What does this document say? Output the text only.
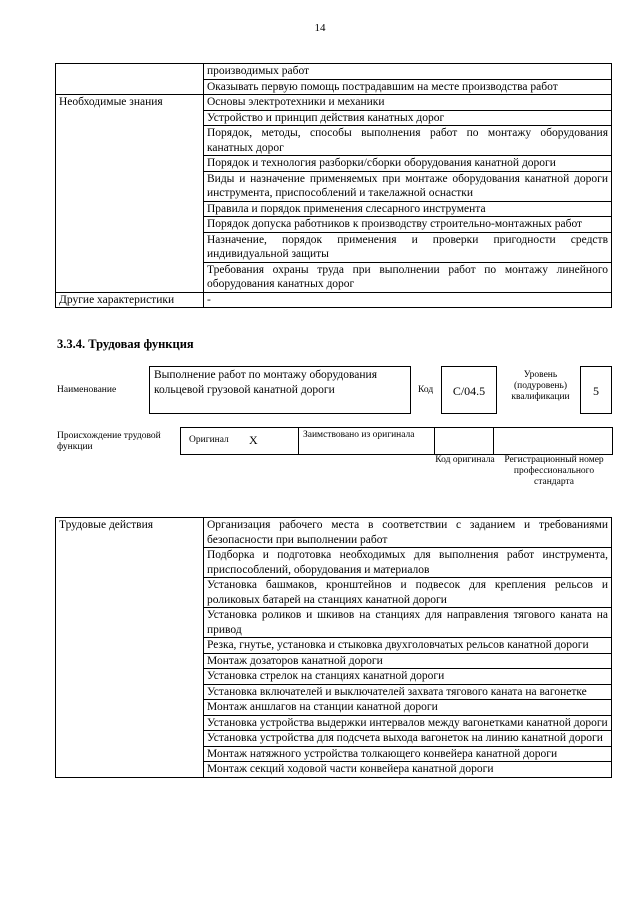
14
	производимых работ
	Оказывать первую помощь пострадавшим на месте производства работ
Необходимые знания	Основы электротехники и механики
	Устройство и принцип действия канатных дорог
	Порядок, методы, способы выполнения работ по монтажу оборудования канатных дорог
	Порядок и технология разборки/сборки оборудования канатной дороги
	Виды и назначение применяемых при монтаже оборудования канатной дороги инструмента, приспособлений и такелажной оснастки
	Правила и порядок применения слесарного инструмента
	Порядок допуска работников к производству строительно-монтажных работ
	Назначение, порядок применения и проверки пригодности средств индивидуальной защиты
	Требования охраны труда при выполнении работ по монтажу линейного оборудования канатных дорог
Другие характеристики	-
3.3.4. Трудовая функция
Наименование
Выполнение работ по монтажу оборудования кольцевой грузовой канатной дороги	Код	C/04.5
Уровень (подуровень) квалификации	5
Происхождение трудовой функции
Оригинал X	Заимствовано из оригинала
Код оригинала	Регистрационный номер профессионального стандарта
Трудовые действия	Организация рабочего места в соответствии с заданием и требованиями безопасности при выполнении работ
Подборка и подготовка необходимых для выполнения работ инструмента, приспособлений, оборудования и материалов
Установка башмаков, кронштейнов и подвесок для крепления рельсов и роликовых батарей на станциях канатной дороги
Установка роликов и шкивов на станциях для направления тягового каната на привод
Резка, гнутье, установка и стыковка двухголовчатых рельсов канатной дороги
Монтаж дозаторов канатной дороги
Установка стрелок на станциях канатной дороги
Установка включателей и выключателей захвата тягового каната на вагонетке
Монтаж аншлагов на станции канатной дороги
Установка устройства выдержки интервалов между вагонетками канатной дороги
Установка устройства для подсчета выхода вагонеток на линию канатной дороги
Монтаж натяжного устройства толкающего конвейера канатной дороги
Монтаж секций ходовой части конвейера канатной дороги
